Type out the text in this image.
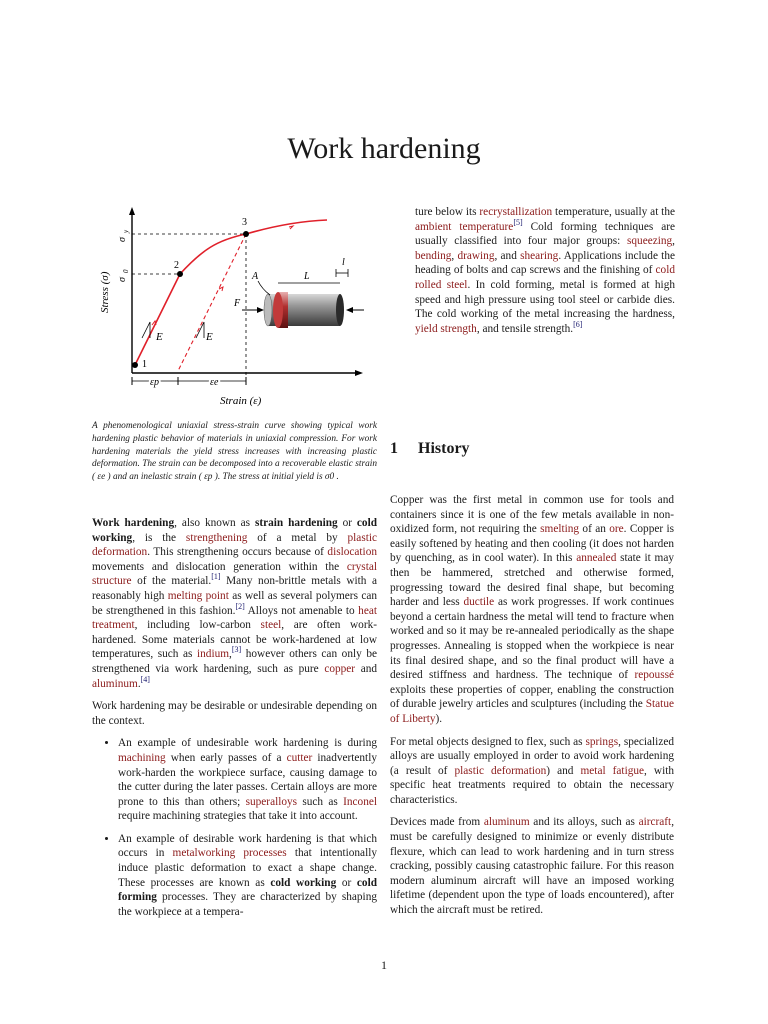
Work hardening
1
2
3
E	E
Stress (σ)
σ
σ
y
0
εp	εe
Strain (ε)
F
A	L
l
A phenomenological uniaxial stress-strain curve showing typical work hardening plastic behavior of materials in uniaxial compression. For work hardening materials the yield stress increases with increasing plastic deformation. The strain can be decomposed into a recoverable elastic strain ( εe ) and an inelastic strain ( εp ). The stress at initial yield is σ0 .
ture below its recrystallization temperature, usually at the ambient temperature[5] Cold forming techniques are usually classified into four major groups: squeezing, bending, drawing, and shearing. Applications include the heading of bolts and cap screws and the finishing of cold rolled steel. In cold forming, metal is formed at high speed and high pressure using tool steel or carbide dies. The cold working of the metal increasing the hardness, yield strength, and tensile strength.[6]
1 History

Work hardening, also known as strain hardening or cold working, is the strengthening of a metal by plastic deformation. This strengthening occurs because of dislocation movements and dislocation generation within the crystal structure of the material.[1] Many non-brittle metals with a reasonably high melting point as well as several polymers can be strengthened in this fashion.[2] Alloys not amenable to heat treatment, including low-carbon steel, are often work-hardened. Some materials cannot be work-hardened at low temperatures, such as indium,[3] however others can only be strengthened via work hardening, such as pure copper and aluminum.[4]

Work hardening may be desirable or undesirable depending on the context.

• An example of undesirable work hardening is during machining when early passes of a cutter inadvertently work-harden the workpiece surface, causing damage to the cutter during the later passes. Certain alloys are more prone to this than others; superalloys such as Inconel require machining strategies that take it into account.
• An example of desirable work hardening is that which occurs in metalworking processes that intentionally induce plastic deformation to exact a shape change. These processes are known as cold working or cold forming processes. They are characterized by shaping the workpiece at a tempera-

Copper was the first metal in common use for tools and containers since it is one of the few metals available in non-oxidized form, not requiring the smelting of an ore. Copper is easily softened by heating and then cooling (it does not harden by quenching, as in cool water). In this annealed state it may then be hammered, stretched and otherwise formed, progressing toward the desired final shape, but becoming harder and less ductile as work progresses. If work continues beyond a certain hardness the metal will tend to fracture when worked and so it may be re-annealed periodically as the shape progresses. Annealing is stopped when the workpiece is near its final desired shape, and so the final product will have a desired stiffness and hardness. The technique of repoussé exploits these properties of copper, enabling the construction of durable jewelry articles and sculptures (including the Statue of Liberty).

For metal objects designed to flex, such as springs, specialized alloys are usually employed in order to avoid work hardening (a result of plastic deformation) and metal fatigue, with specific heat treatments required to obtain the necessary characteristics.

Devices made from aluminum and its alloys, such as aircraft, must be carefully designed to minimize or evenly distribute flexure, which can lead to work hardening and in turn stress cracking, possibly causing catastrophic failure. For this reason modern aluminum aircraft will have an imposed working lifetime (dependent upon the type of loads encountered), after which the aircraft must be retired.

1
